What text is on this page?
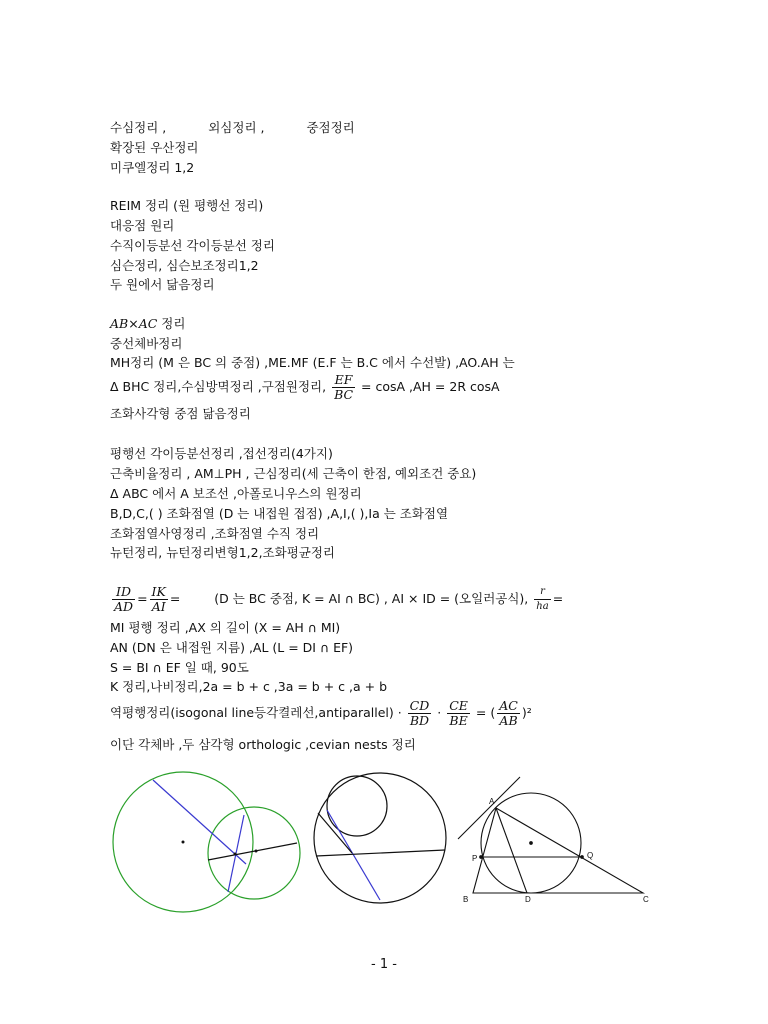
수심정리 ,	외심정리 ,	중점정리
확장된 우산정리
미쿠엘정리 1,2
REIM 정리 (원 평행선 정리)
대응점 원리
수직이등분선 각이등분선 정리
심슨정리, 심슨보조정리1,2
두 원에서 닮음정리
AB×AC 정리
중선체바정리
MH정리 (M 은 BC 의 중점) ,ME.MF (E.F 는 B.C 에서 수선발) ,AO.AH 는
Δ BHC 정리,수심방멱정리 ,구점원정리, $\frac{EF}{BC} = \cos A$ ,AH = 2R cosA
조화사각형 중점 닮음정리
평행선 각이등분선정리 ,접선정리(4가지)
근축비율정리 , AM⊥PH , 근심정리(세 근축이 한점, 예외조건 중요)
Δ ABC 에서 A 보조선 ,아폴로니우스의 원정리
B,D,C,( ) 조화점열 (D 는 내접원 접점) ,A,I,( ),Ia 는 조화점열
조화점열사영정리 ,조화점열 수직 정리
뉴턴정리, 뉴턴정리변형1,2,조화평균정리
$\frac{ID}{AD} = \frac{IK}{AI}$ =	(D 는 BC 중점, K = AI ∩ BC) , AI × ID = (오일러공식), $\frac{r}{ha}$ =
MI 평행 정리 ,AX 의 길이 (X = AH ∩ MI)
AN (DN 은 내접원 지름) ,AL (L = DI ∩ EF)
S = BI ∩ EF 일 때, 90도
K 정리,나비정리,2a = b + c ,3a = b + c ,a + b
역평행정리(isogonal line등각켤레선,antiparallel) · $\frac{CD}{BD} \cdot \frac{CE}{BE}$ = ( $\frac{AC}{AB} )^2$
이단 각체바 ,두 삼각형 orthologic ,cevian nests 정리
A
P	Q
B	D	C
- 1 -
